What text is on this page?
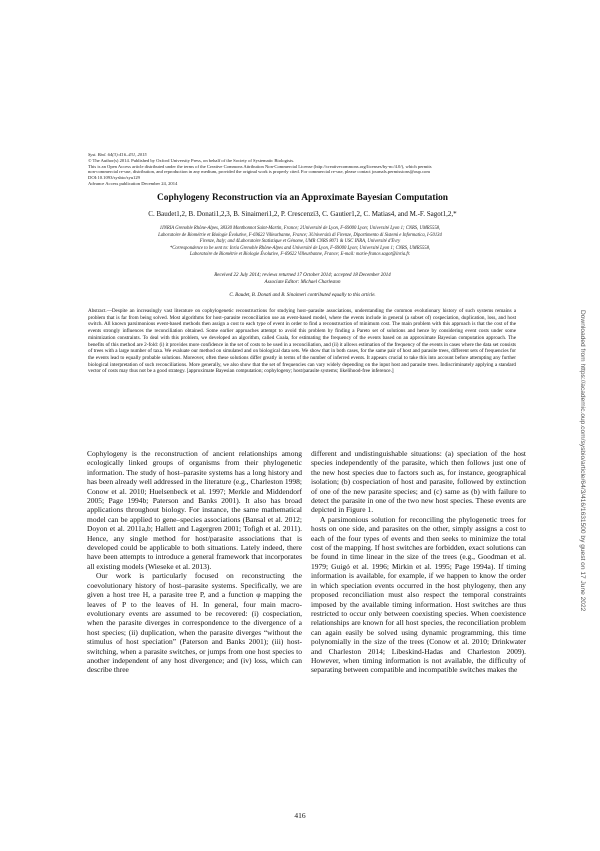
Syst. Biol. 64(3):416–431, 2015
© The Author(s) 2014. Published by Oxford University Press, on behalf of the Society of Systematic Biologists.
This is an Open Access article distributed under the terms of the Creative Commons Attribution Non-Commercial License (http://creativecommons.org/licenses/by-nc/4.0/), which permits
non-commercial re-use, distribution, and reproduction in any medium, provided the original work is properly cited. For commercial re-use, please contact journals.permissions@oup.com
DOI:10.1093/sysbio/syu129
Advance Access publication December 24, 2014
Cophylogeny Reconstruction via an Approximate Bayesian Computation
C. Baudet1,2, B. Donati1,2,3, B. Sinaimeri1,2, P. Crescenzi3, C. Gautier1,2, C. Matias4, and M.-F. Sagot1,2,*
1INRIA Grenoble Rhône-Alpes, 38330 Montbonnot Saint-Martin, France; 2Université de Lyon, F-69000 Lyon; Université Lyon 1; CNRS, UMR5558,
Laboratoire de Biométrie et Biologie Évolutive, F-69622 Villeurbanne, France; 3Università di Firenze, Dipartimento di Sistemi e Informatica, I-50134
Firenze, Italy; and 4Laboratoire Statistique et Génome, UMR CNRS 8071 & USC INRA, Université d'Evry
*Correspondence to be sent to: Inria Grenoble Rhône-Alpes and Université de Lyon, F-69000 Lyon; Université Lyon 1; CNRS, UMR5558,
Laboratoire de Biométrie et Biologie Évolutive, F-69622 Villeurbanne, France; E-mail: marie-france.sagot@inria.fr.
Received 22 July 2014; reviews returned 17 October 2014; accepted 18 December 2014
Associate Editor: Michael Charleston
C. Baudet, B. Donati and B. Sinaimeri contributed equally to this article.
Abstract.—Despite an increasingly vast literature on cophylogenetic reconstructions for studying host–parasite associations, understanding the common evolutionary history of such systems remains a problem that is far from being solved. Most algorithms for host–parasite reconciliation use an event-based model, where the events include in general (a subset of) cospeciation, duplication, loss, and host switch. All known parsimonious event-based methods then assign a cost to each type of event in order to find a reconstruction of minimum cost. The main problem with this approach is that the cost of the events strongly influences the reconciliation obtained. Some earlier approaches attempt to avoid this problem by finding a Pareto set of solutions and hence by considering event costs under some minimization constraints. To deal with this problem, we developed an algorithm, called Coala, for estimating the frequency of the events based on an approximate Bayesian computation approach. The benefits of this method are 2-fold: (i) it provides more confidence in the set of costs to be used in a reconciliation, and (ii) it allows estimation of the frequency of the events in cases where the data set consists of trees with a large number of taxa. We evaluate our method on simulated and on biological data sets. We show that in both cases, for the same pair of host and parasite trees, different sets of frequencies for the events lead to equally probable solutions. Moreover, often these solutions differ greatly in terms of the number of inferred events. It appears crucial to take this into account before attempting any further biological interpretation of such reconciliations. More generally, we also show that the set of frequencies can vary widely depending on the input host and parasite trees. Indiscriminately applying a standard vector of costs may thus not be a good strategy. [approximate Bayesian computation; cophylogeny; host/parasite systems; likelihood-free inference.]

Cophylogeny is the reconstruction of ancient relationships among ecologically linked groups of organisms from their phylogenetic information. The study of host–parasite systems has a long history and has been already well addressed in the literature (e.g., Charleston 1998; Conow et al. 2010; Huelsenbeck et al. 1997; Merkle and Middendorf 2005; Page 1994b; Paterson and Banks 2001). It also has broad applications throughout biology. For instance, the same mathematical model can be applied to gene–species associations (Bansal et al. 2012; Doyon et al. 2011a,b; Hallett and Lagergren 2001; Tofigh et al. 2011). Hence, any single method for host/parasite associations that is developed could be applicable to both situations. Lately indeed, there have been attempts to introduce a general framework that incorporates all existing models (Wieseke et al. 2013).

Our work is particularly focused on reconstructing the coevolutionary history of host–parasite systems. Specifically, we are given a host tree H, a parasite tree P, and a function φ mapping the leaves of P to the leaves of H. In general, four main macro-evolutionary events are assumed to be recovered: (i) cospeciation, when the parasite diverges in correspondence to the divergence of a host species; (ii) duplication, when the parasite diverges “without the stimulus of host speciation” (Paterson and Banks 2001); (iii) host-switching, when a parasite switches, or jumps from one host species to another independent of any host divergence; and (iv) loss, which can describe three

different and undistinguishable situations: (a) speciation of the host species independently of the parasite, which then follows just one of the new host species due to factors such as, for instance, geographical isolation; (b) cospeciation of host and parasite, followed by extinction of one of the new parasite species; and (c) same as (b) with failure to detect the parasite in one of the two new host species. These events are depicted in Figure 1.

A parsimonious solution for reconciling the phylogenetic trees for hosts on one side, and parasites on the other, simply assigns a cost to each of the four types of events and then seeks to minimize the total cost of the mapping. If host switches are forbidden, exact solutions can be found in time linear in the size of the trees (e.g., Goodman et al. 1979; Guigó et al. 1996; Mirkin et al. 1995; Page 1994a). If timing information is available, for example, if we happen to know the order in which speciation events occurred in the host phylogeny, then any proposed reconciliation must also respect the temporal constraints imposed by the available timing information. Host switches are thus restricted to occur only between coexisting species. When coexistence relationships are known for all host species, the reconciliation problem can again easily be solved using dynamic programming, this time polynomially in the size of the trees (Conow et al. 2010; Drinkwater and Charleston 2014; Libeskind-Hadas and Charleston 2009). However, when timing information is not available, the difficulty of separating between compatible and incompatible switches makes the

416
Downloaded from https://academic.oup.com/sysbio/article/64/3/416/1631500 by guest on 17 June 2022
